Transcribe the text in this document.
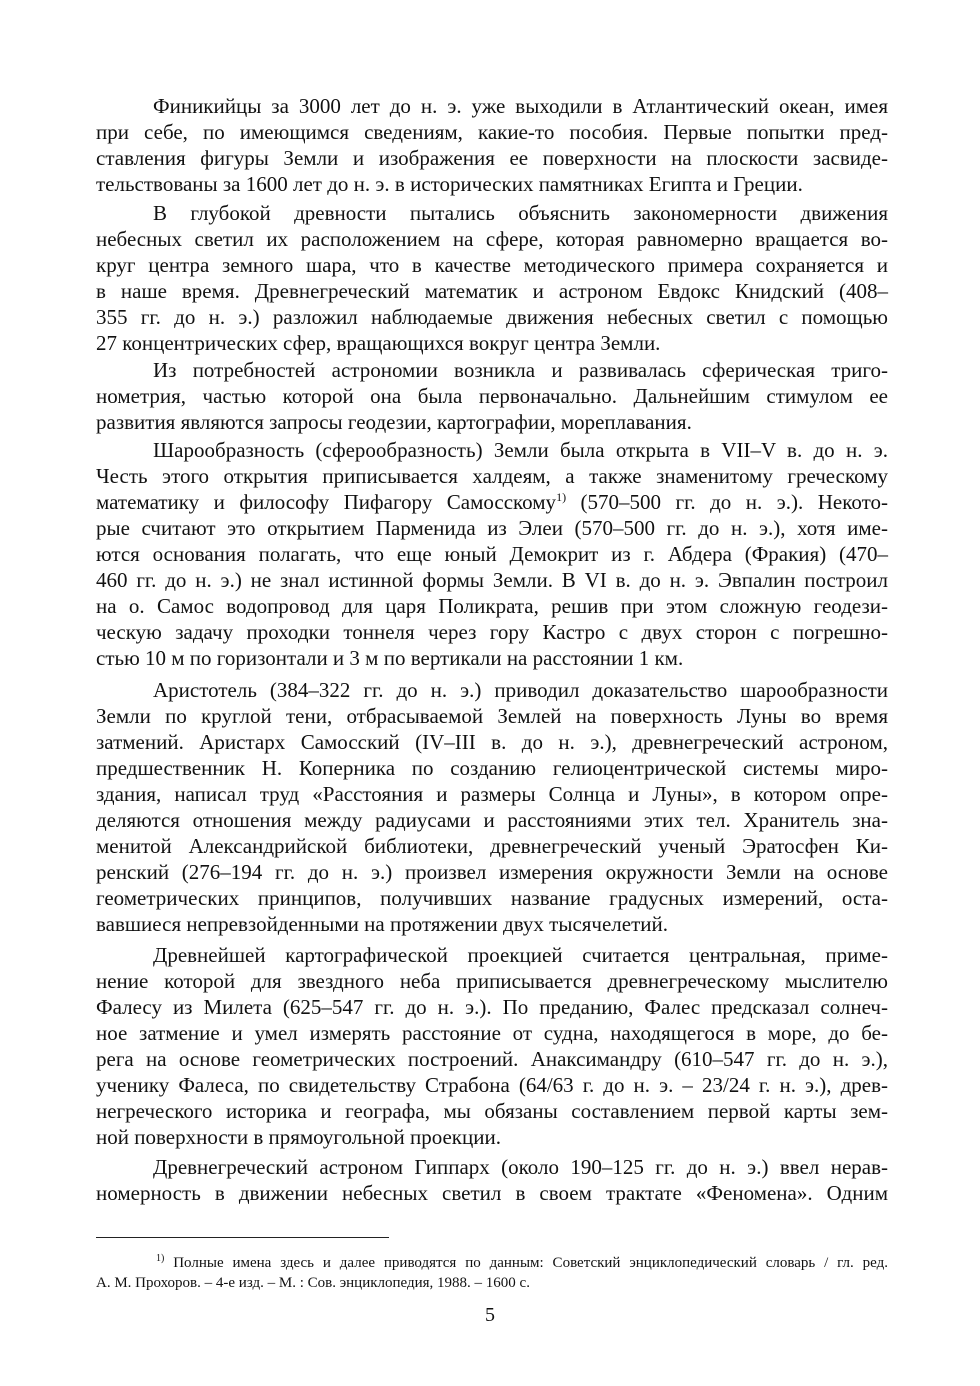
Финикийцы за 3000 лет до н. э. уже выходили в Атлантический океан, имея
при себе, по имеющимся сведениям, какие-то пособия. Первые попытки пред-
ставления фигуры Земли и изображения ее поверхности на плоскости засвиде-
тельствованы за 1600 лет до н. э. в исторических памятниках Египта и Греции.

В глубокой древности пытались объяснить закономерности движения
небесных светил их расположением на сфере, которая равномерно вращается во-
круг центра земного шара, что в качестве методического примера сохраняется и
в наше время. Древнегреческий математик и астроном Евдокс Книдский (408–
355 гг. до н. э.) разложил наблюдаемые движения небесных светил с помощью
27 концентрических сфер, вращающихся вокруг центра Земли.

Из потребностей астрономии возникла и развивалась сферическая триго-
нометрия, частью которой она была первоначально. Дальнейшим стимулом ее
развития являются запросы геодезии, картографии, мореплавания.

Шарообразность (сферообразность) Земли была открыта в VII–V в. до н. э.
Честь этого открытия приписывается халдеям, а также знаменитому греческому
математику и философу Пифагору Самосскому$^{1)}$ (570–500 гг. до н. э.). Некото-
рые считают это открытием Парменида из Элеи (570–500 гг. до н. э.), хотя име-
ются основания полагать, что еще юный Демокрит из г. Абдера (Фракия) (470–
460 гг. до н. э.) не знал истинной формы Земли. В VI в. до н. э. Эвпалин построил
на о. Самос водопровод для царя Поликрата, решив при этом сложную геодези-
ческую задачу проходки тоннеля через гору Кастро с двух сторон с погрешно-
стью 10 м по горизонтали и 3 м по вертикали на расстоянии 1 км.

Аристотель (384–322 гг. до н. э.) приводил доказательство шарообразности
Земли по круглой тени, отбрасываемой Землей на поверхность Луны во время
затмений. Аристарх Самосский (IV–III в. до н. э.), древнегреческий астроном,
предшественник Н. Коперника по созданию гелиоцентрической системы миро-
здания, написал труд «Расстояния и размеры Солнца и Луны», в котором опре-
деляются отношения между радиусами и расстояниями этих тел. Хранитель зна-
менитой Александрийской библиотеки, древнегреческий ученый Эратосфен Ки-
ренский (276–194 гг. до н. э.) произвел измерения окружности Земли на основе
геометрических принципов, получивших название градусных измерений, оста-
вавшиеся непревзойденными на протяжении двух тысячелетий.

Древнейшей картографической проекцией считается центральная, приме-
нение которой для звездного неба приписывается древнегреческому мыслителю
Фалесу из Милета (625–547 гг. до н. э.). По преданию, Фалес предсказал солнеч-
ное затмение и умел измерять расстояние от судна, находящегося в море, до бе-
рега на основе геометрических построений. Анаксимандру (610–547 гг. до н. э.),
ученику Фалеса, по свидетельству Страбона (64/63 г. до н. э. – 23/24 г. н. э.), древ-
негреческого историка и географа, мы обязаны составлением первой карты зем-
ной поверхности в прямоугольной проекции.

Древнегреческий астроном Гиппарх (около 190–125 гг. до н. э.) ввел нерав-
номерность в движении небесных светил в своем трактате «Феномена». Одним

$^{1)}$ Полные имена здесь и далее приводятся по данным: Советский энциклопедический словарь / гл. ред.
А. М. Прохоров. – 4-е изд. – М. : Сов. энциклопедия, 1988. – 1600 с.
5
